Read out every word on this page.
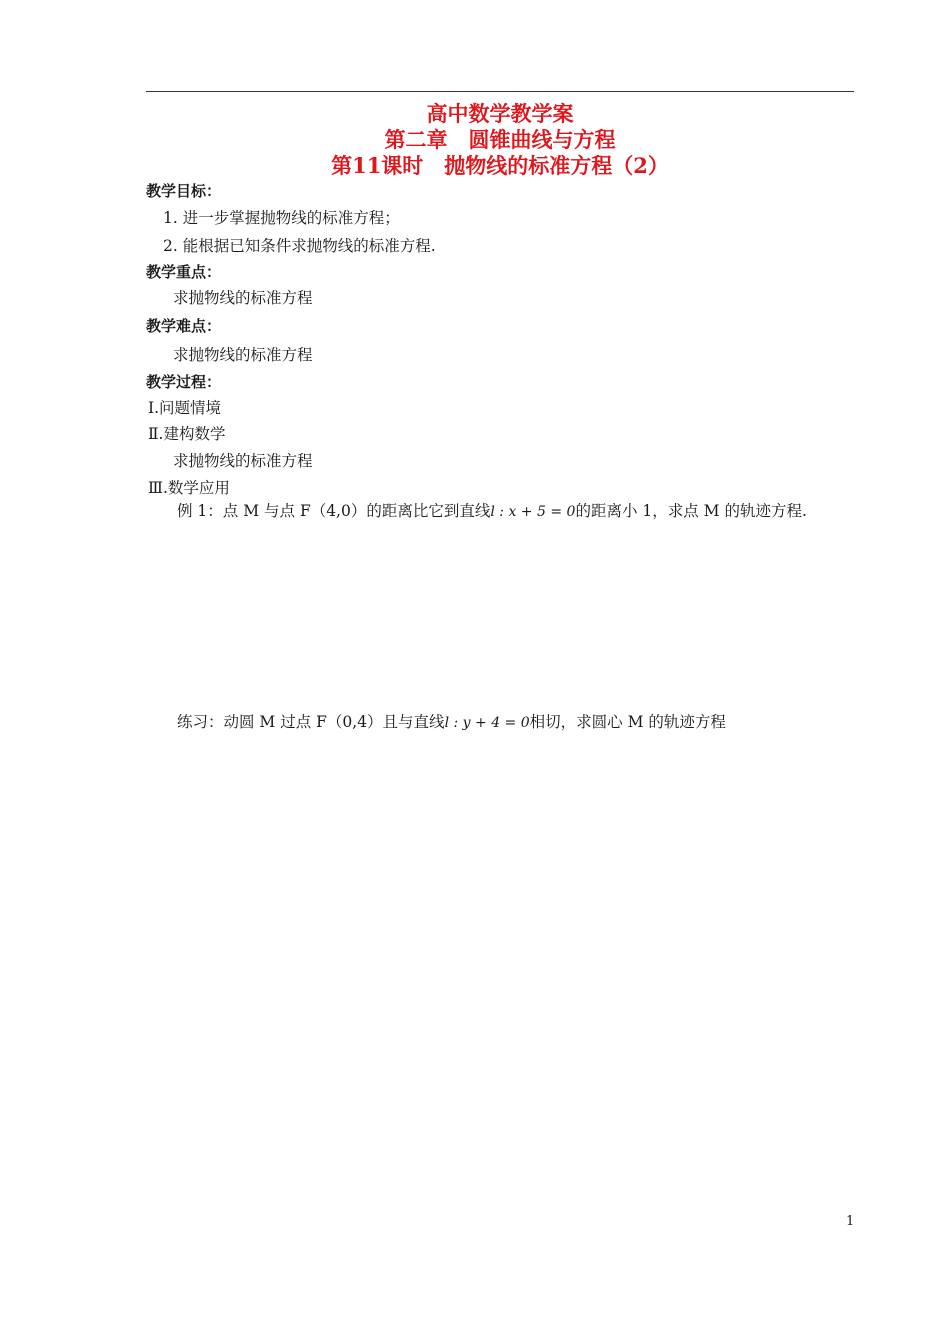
高中数学教学案
第二章　圆锥曲线与方程
第11课时　抛物线的标准方程（2）
教学目标：
1. 进一步掌握抛物线的标准方程；
2. 能根据已知条件求抛物线的标准方程.
教学重点：
求抛物线的标准方程
教学难点：
求抛物线的标准方程
教学过程：
Ⅰ.问题情境
Ⅱ.建构数学
求抛物线的标准方程
Ⅲ.数学应用
例 1：点 M 与点 F（4,0）的距离比它到直线l : x + 5 = 0的距离小 1，求点 M 的轨迹方程.
练习：动圆 M 过点 F（0,4）且与直线l : y + 4 = 0相切，求圆心 M 的轨迹方程
1
